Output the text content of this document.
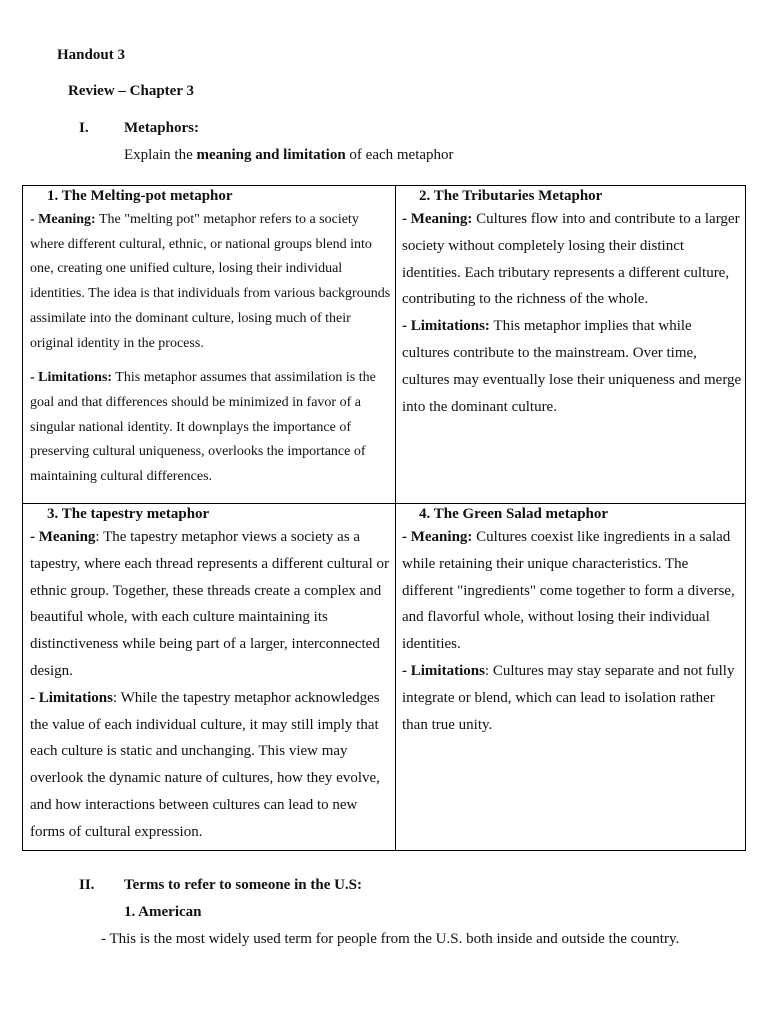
Handout 3
Review – Chapter 3
I. Metaphors:
Explain the meaning and limitation of each metaphor
1. The Melting-pot metaphor

- Meaning: The "melting pot" metaphor refers to a society where different cultural, ethnic, or national groups blend into one, creating one unified culture, losing their individual identities. The idea is that individuals from various backgrounds assimilate into the dominant culture, losing much of their original identity in the process.

- Limitations: This metaphor assumes that assimilation is the goal and that differences should be minimized in favor of a singular national identity. It downplays the importance of preserving cultural uniqueness, overlooks the importance of maintaining cultural differences.

2. The Tributaries Metaphor

- Meaning: Cultures flow into and contribute to a larger society without completely losing their distinct identities. Each tributary represents a different culture, contributing to the richness of the whole.

- Limitations: This metaphor implies that while cultures contribute to the mainstream. Over time, cultures may eventually lose their uniqueness and merge into the dominant culture.

3. The tapestry metaphor

- Meaning: The tapestry metaphor views a society as a tapestry, where each thread represents a different cultural or ethnic group. Together, these threads create a complex and beautiful whole, with each culture maintaining its distinctiveness while being part of a larger, interconnected design.

- Limitations: While the tapestry metaphor acknowledges the value of each individual culture, it may still imply that each culture is static and unchanging. This view may overlook the dynamic nature of cultures, how they evolve, and how interactions between cultures can lead to new forms of cultural expression.

4. The Green Salad metaphor

- Meaning: Cultures coexist like ingredients in a salad while retaining their unique characteristics. The different "ingredients" come together to form a diverse, and flavorful whole, without losing their individual identities.

- Limitations: Cultures may stay separate and not fully integrate or blend, which can lead to isolation rather than true unity.

II. Terms to refer to someone in the U.S:
1. American
- This is the most widely used term for people from the U.S. both inside and outside the country.
